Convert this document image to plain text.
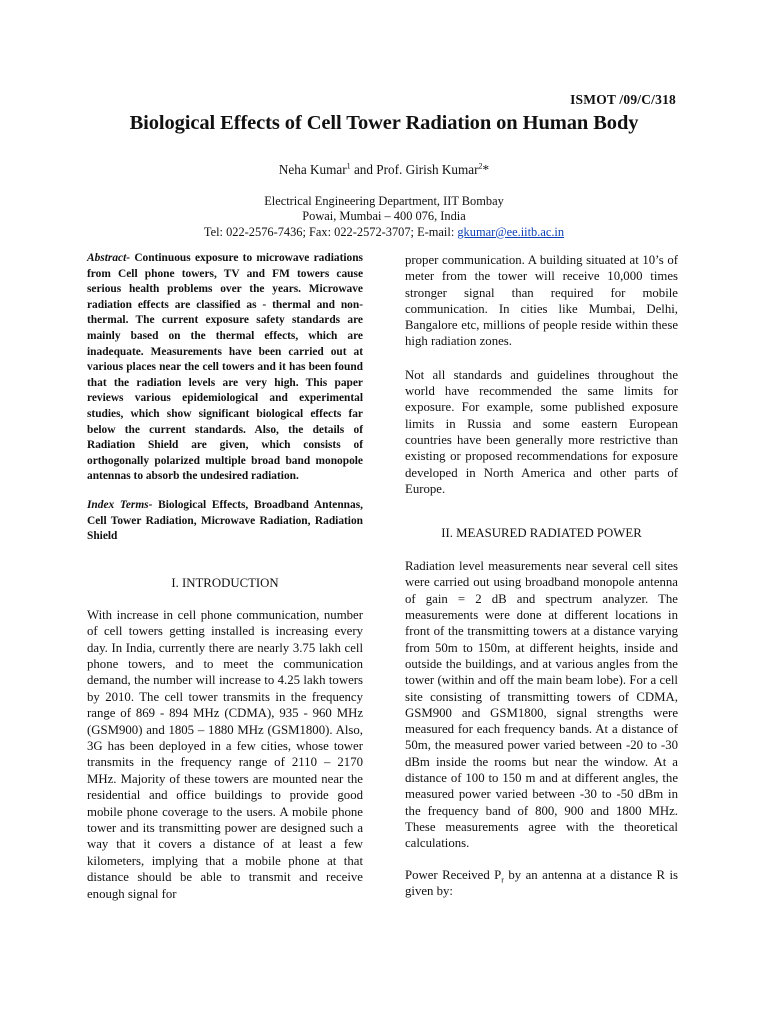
ISMOT /09/C/318
Biological Effects of Cell Tower Radiation on Human Body
Neha Kumar$^1$ and Prof. Girish Kumar$^2$*
Electrical Engineering Department, IIT Bombay
Powai, Mumbai – 400 076, India
Tel: 022-2576-7436; Fax: 022-2572-3707; E-mail: gkumar@ee.iitb.ac.in

Abstract- Continuous exposure to microwave radiations from Cell phone towers, TV and FM towers cause serious health problems over the years. Microwave radiation effects are classified as - thermal and non-thermal. The current exposure safety standards are mainly based on the thermal effects, which are inadequate. Measurements have been carried out at various places near the cell towers and it has been found that the radiation levels are very high. This paper reviews various epidemiological and experimental studies, which show significant biological effects far below the current standards. Also, the details of Radiation Shield are given, which consists of orthogonally polarized multiple broad band monopole antennas to absorb the undesired radiation.

Index Terms- Biological Effects, Broadband Antennas, Cell Tower Radiation, Microwave Radiation, Radiation Shield

I. INTRODUCTION

With increase in cell phone communication, number of cell towers getting installed is increasing every day. In India, currently there are nearly 3.75 lakh cell phone towers, and to meet the communication demand, the number will increase to 4.25 lakh towers by 2010. The cell tower transmits in the frequency range of 869 - 894 MHz (CDMA), 935 - 960 MHz (GSM900) and 1805 – 1880 MHz (GSM1800). Also, 3G has been deployed in a few cities, whose tower transmits in the frequency range of 2110 – 2170 MHz. Majority of these towers are mounted near the residential and office buildings to provide good mobile phone coverage to the users. A mobile phone tower and its transmitting power are designed such a way that it covers a distance of at least a few kilometers, implying that a mobile phone at that distance should be able to transmit and receive enough signal for

proper communication. A building situated at 10’s of meter from the tower will receive 10,000 times stronger signal than required for mobile communication. In cities like Mumbai, Delhi, Bangalore etc, millions of people reside within these high radiation zones.

Not all standards and guidelines throughout the world have recommended the same limits for exposure. For example, some published exposure limits in Russia and some eastern European countries have been generally more restrictive than existing or proposed recommendations for exposure developed in North America and other parts of Europe.

II. MEASURED RADIATED POWER

Radiation level measurements near several cell sites were carried out using broadband monopole antenna of gain = 2 dB and spectrum analyzer. The measurements were done at different locations in front of the transmitting towers at a distance varying from 50m to 150m, at different heights, inside and outside the buildings, and at various angles from the tower (within and off the main beam lobe). For a cell site consisting of transmitting towers of CDMA, GSM900 and GSM1800, signal strengths were measured for each frequency bands. At a distance of 50m, the measured power varied between -20 to -30 dBm inside the rooms but near the window. At a distance of 100 to 150 m and at different angles, the measured power varied between -30 to -50 dBm in the frequency band of 800, 900 and 1800 MHz. These measurements agree with the theoretical calculations.

Power Received $P_r$ by an antenna at a distance R is given by:
